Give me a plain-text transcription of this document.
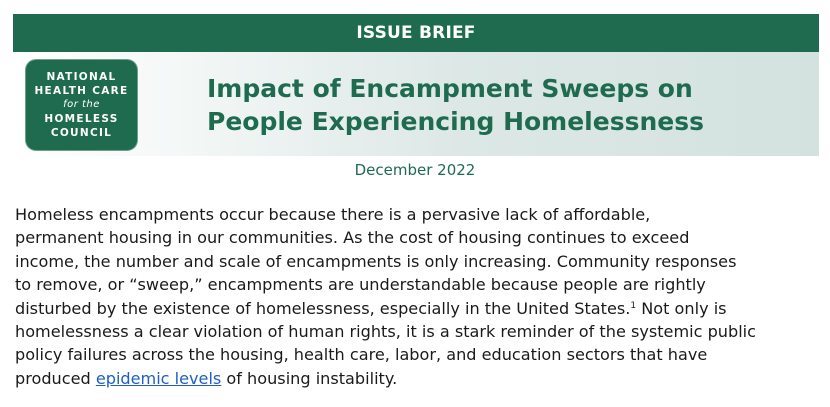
ISSUE BRIEF
NATIONAL
HEALTH CARE
for the
HOMELESS
COUNCIL
Impact of Encampment Sweeps on
People Experiencing Homelessness
December 2022
Homeless encampments occur because there is a pervasive lack of affordable,
permanent housing in our communities. As the cost of housing continues to exceed
income, the number and scale of encampments is only increasing. Community responses
to remove, or “sweep,” encampments are understandable because people are rightly
disturbed by the existence of homelessness, especially in the United States.$^1$ Not only is
homelessness a clear violation of human rights, it is a stark reminder of the systemic public
policy failures across the housing, health care, labor, and education sectors that have
produced epidemic levels of housing instability.
